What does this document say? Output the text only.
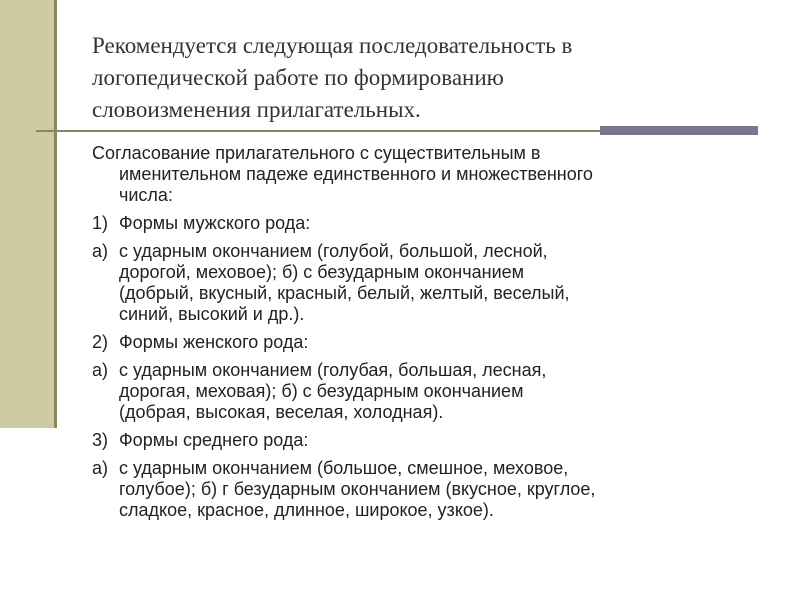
Рекомендуется следующая последовательность в
логопедической работе по формированию
словоизменения прилагательных.
Согласование прилагательного с существительным в
именительном падеже единственного и множественного
числа:
1) Формы мужского рода:
а) с ударным окончанием (голубой, большой, лесной,
дорогой, меховое); б) с безударным окончанием
(добрый, вкусный, красный, белый, желтый, веселый,
синий, высокий и др.).
2) Формы женского рода:
а) с ударным окончанием (голубая, большая, лесная,
дорогая, меховая); б) с безударным окончанием
(добрая, высокая, веселая, холодная).
3) Формы среднего рода:
а) с ударным окончанием (большое, смешное, меховое,
голубое); б) г безударным окончанием (вкусное, круглое,
сладкое, красное, длинное, широкое, узкое).
